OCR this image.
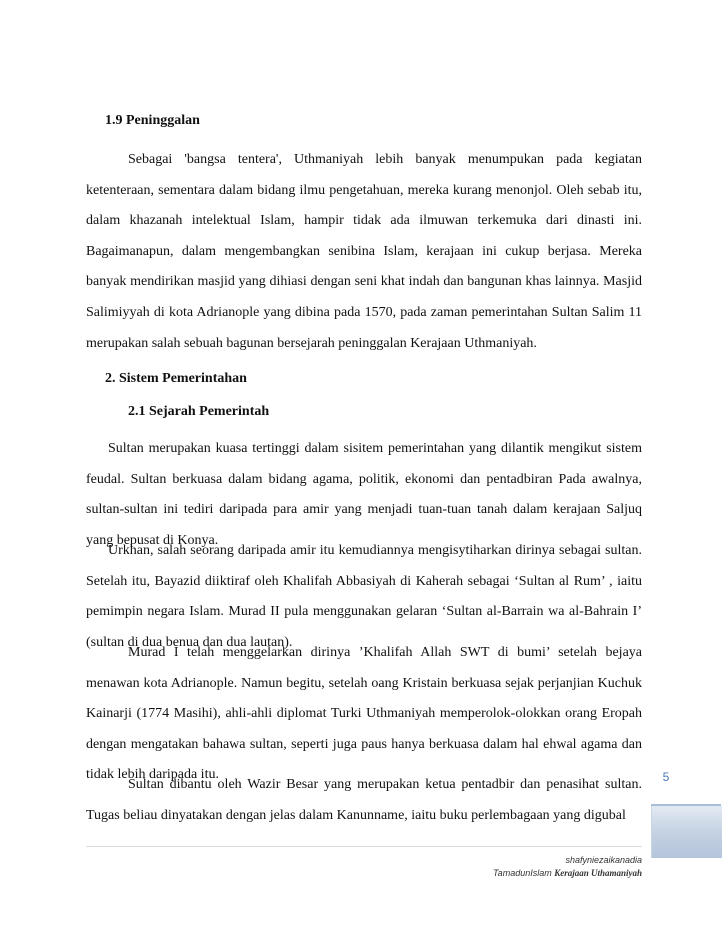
1.9 Peninggalan

Sebagai 'bangsa tentera', Uthmaniyah lebih banyak menumpukan pada kegiatan ketenteraan, sementara dalam bidang ilmu pengetahuan, mereka kurang menonjol. Oleh sebab itu, dalam khazanah intelektual Islam, hampir tidak ada ilmuwan terkemuka dari dinasti ini. Bagaimanapun, dalam mengembangkan senibina Islam, kerajaan ini cukup berjasa. Mereka banyak mendirikan masjid yang dihiasi dengan seni khat indah dan bangunan khas lainnya. Masjid Salimiyyah di kota Adrianople yang dibina pada 1570, pada zaman pemerintahan Sultan Salim 11 merupakan salah sebuah bagunan bersejarah peninggalan Kerajaan Uthmaniyah.

2. Sistem Pemerintahan
2.1 Sejarah Pemerintah

Sultan merupakan kuasa tertinggi dalam sisitem pemerintahan yang dilantik mengikut sistem feudal. Sultan berkuasa dalam bidang agama, politik, ekonomi dan pentadbiran Pada awalnya, sultan-sultan ini tediri daripada para amir yang menjadi tuan-tuan tanah dalam kerajaan Saljuq yang bepusat di Konya.

Urkhan, salah seorang daripada amir itu kemudiannya mengisytiharkan dirinya sebagai sultan. Setelah itu, Bayazid diiktiraf oleh Khalifah Abbasiyah di Kaherah sebagai ‘Sultan al Rum’ , iaitu pemimpin negara Islam. Murad II pula menggunakan gelaran ‘Sultan al-Barrain wa al-Bahrain I’ (sultan di dua benua dan dua lautan).

Murad I telah menggelarkan dirinya ’Khalifah Allah SWT di bumi’ setelah bejaya menawan kota Adrianople. Namun begitu, setelah oang Kristain berkuasa sejak perjanjian Kuchuk Kainarji (1774 Masihi), ahli-ahli diplomat Turki Uthmaniyah memperolok-olokkan orang Eropah dengan mengatakan bahawa sultan, seperti juga paus hanya berkuasa dalam hal ehwal agama dan tidak lebih daripada itu.

Sultan dibantu oleh Wazir Besar yang merupakan ketua pentadbir dan penasihat sultan. Tugas beliau dinyatakan dengan jelas dalam Kanunname, iaitu buku perlembagaan yang digubal

5
shafyniezaikanadia
TamadunIslam Kerajaan Uthamaniyah
